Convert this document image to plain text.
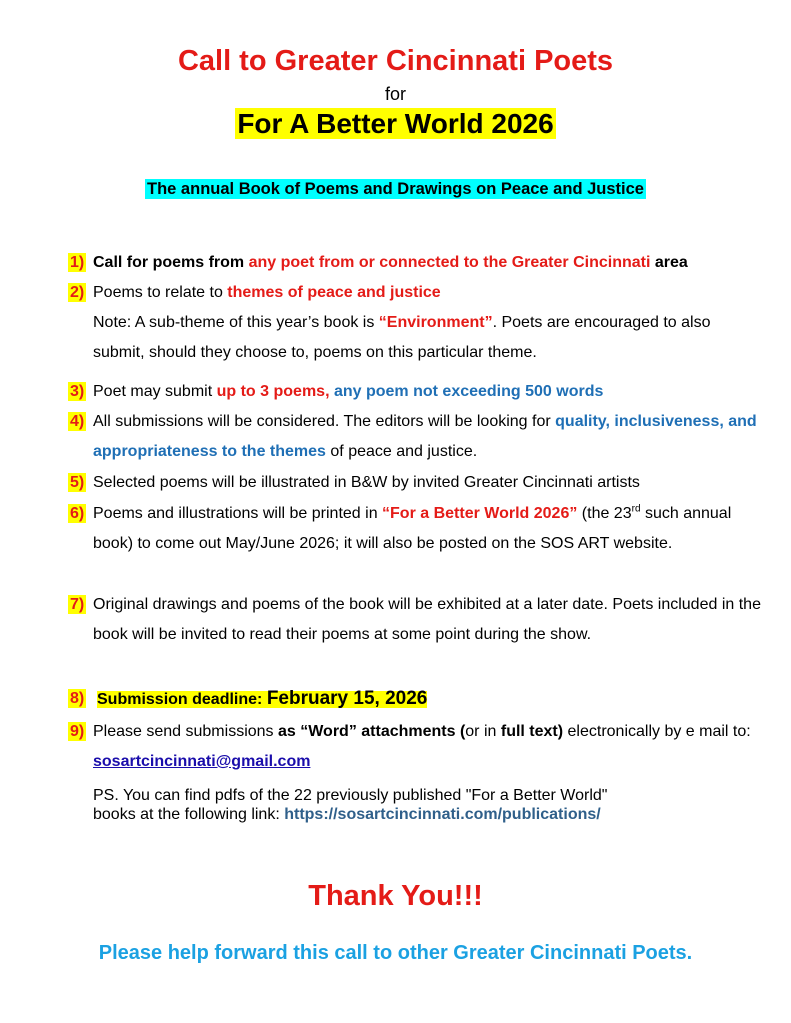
Call to Greater Cincinnati Poets
for
For A Better World 2026
The annual Book of Poems and Drawings on Peace and Justice
1) Call for poems from any poet from or connected to the Greater Cincinnati area
2) Poems to relate to themes of peace and justice
Note: A sub-theme of this year’s book is “Environment”. Poets are encouraged to also submit, should they choose to, poems on this particular theme.
3) Poet may submit up to 3 poems, any poem not exceeding 500 words
4) All submissions will be considered. The editors will be looking for quality, inclusiveness, and appropriateness to the themes of peace and justice.
5) Selected poems will be illustrated in B&W by invited Greater Cincinnati artists
6) Poems and illustrations will be printed in “For a Better World 2026” (the 23rd such annual book) to come out May/June 2026; it will also be posted on the SOS ART website.
7) Original drawings and poems of the book will be exhibited at a later date. Poets included in the book will be invited to read their poems at some point during the show.
8) Submission deadline: February 15, 2026
9) Please send submissions as “Word” attachments (or in full text) electronically by e mail to: sosartcincinnati@gmail.com
PS. You can find pdfs of the 22 previously published "For a Better World"
books at the following link: https://sosartcincinnati.com/publications/
Thank You!!!
Please help forward this call to other Greater Cincinnati Poets.
